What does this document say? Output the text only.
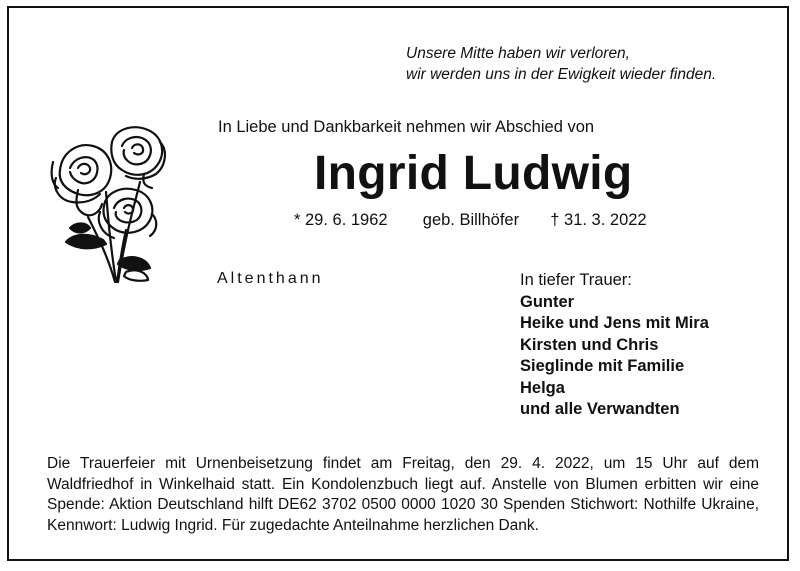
Unsere Mitte haben wir verloren,
wir werden uns in der Ewigkeit wieder finden.
In Liebe und Dankbarkeit nehmen wir Abschied von
Ingrid Ludwig
* 29. 6. 1962 geb. Billhöfer † 31. 3. 2022
Altenthann	In tiefer Trauer:
Gunter
Heike und Jens mit Mira
Kirsten und Chris
Sieglinde mit Familie
Helga
und alle Verwandten
Die Trauerfeier mit Urnenbeisetzung findet am Freitag, den 29. 4. 2022, um 15 Uhr auf dem Waldfriedhof in Winkelhaid statt. Ein Kondolenzbuch liegt auf. Anstelle von Blumen erbitten wir eine Spende: Aktion Deutschland hilft DE62 3702 0500 0000 1020 30 Spenden Stichwort: Nothilfe Ukraine, Kennwort: Ludwig Ingrid. Für zugedachte Anteilnahme herzlichen Dank.
